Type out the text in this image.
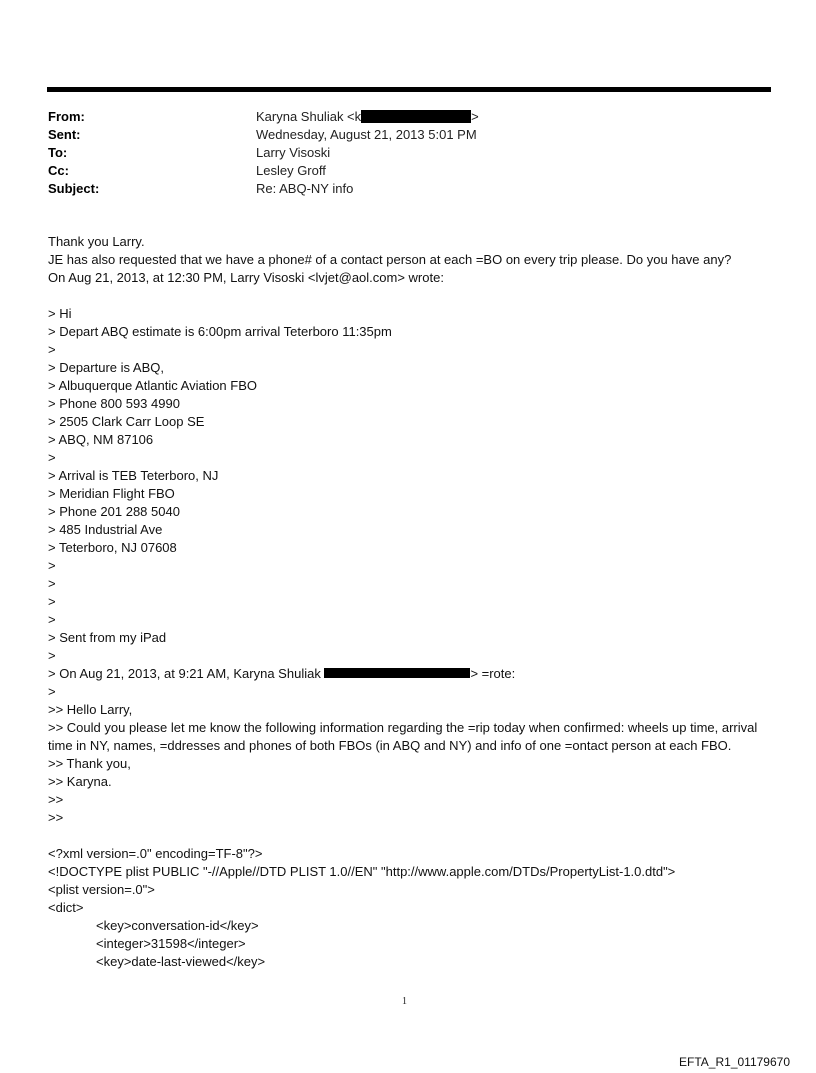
From:	Karyna Shuliak <k	>
Sent:	Wednesday, August 21, 2013 5:01 PM
To:	Larry Visoski
Cc:	Lesley Groff
Subject:	Re: ABQ-NY info
Thank you Larry.
JE has also requested that we have a phone# of a contact person at each =BO on every trip please. Do you have any?
On Aug 21, 2013, at 12:30 PM, Larry Visoski <lvjet@aol.com> wrote:
> Hi
> Depart ABQ estimate is 6:00pm arrival Teterboro 11:35pm
>
> Departure is ABQ,
> Albuquerque Atlantic Aviation FBO
> Phone 800 593 4990
> 2505 Clark Carr Loop SE
> ABQ, NM 87106
>
> Arrival is TEB Teterboro, NJ
> Meridian Flight FBO
> Phone 201 288 5040
> 485 Industrial Ave
> Teterboro, NJ 07608
>
>
>
>
> Sent from my iPad
>
> On Aug 21, 2013, at 9:21 AM, Karyna Shuliak	> =rote:
>
>> Hello Larry,
>> Could you please let me know the following information regarding the =rip today when confirmed: wheels up time, arrival time in NY, names, =ddresses and phones of both FBOs (in ABQ and NY) and info of one =ontact person at each FBO.
>> Thank you,
>> Karyna.
>>
>>
<?xml version=.0" encoding=TF-8"?>
<!DOCTYPE plist PUBLIC "-//Apple//DTD PLIST 1.0//EN" "http://www.apple.com/DTDs/PropertyList-1.0.dtd">
<plist version=.0">
<dict>
<key>conversation-id</key>
<integer>31598</integer>
<key>date-last-viewed</key>
1
EFTA_R1_01179670
